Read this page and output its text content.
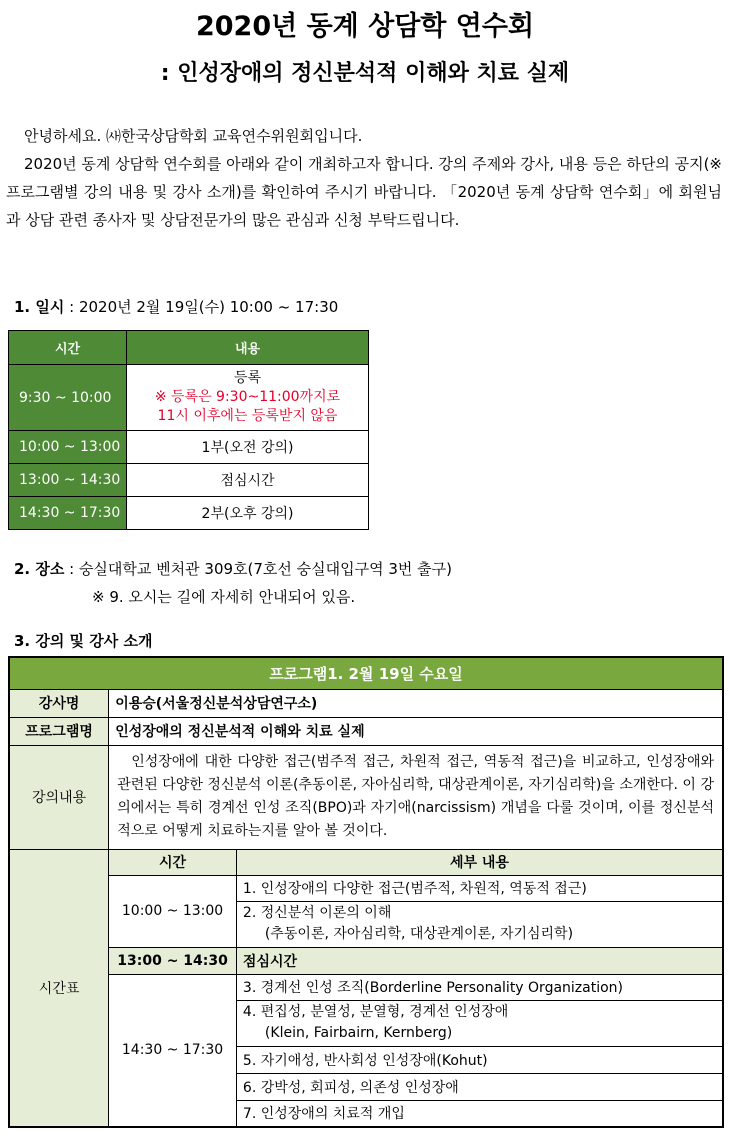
2020년 동계 상담학 연수회
: 인성장애의 정신분석적 이해와 치료 실제

안녕하세요. ㈔한국상담학회 교육연수위원회입니다.

2020년 동계 상담학 연수회를 아래와 같이 개최하고자 합니다. 강의 주제와 강사, 내용 등은 하단의 공지(※ 프로그램별 강의 내용 및 강사 소개)를 확인하여 주시기 바랍니다. 「2020년 동계 상담학 연수회」에 회원님과 상담 관련 종사자 및 상담전문가의 많은 관심과 신청 부탁드립니다.

1. 일시 : 2020년 2월 19일(수) 10:00 ~ 17:30
시간	내용
9:30 ~ 10:00	등록
※ 등록은 9:30~11:00까지로
11시 이후에는 등록받지 않음

10:00 ~ 13:00	1부(오전 강의)
13:00 ~ 14:30	점심시간
14:30 ~ 17:30	2부(오후 강의)
2. 장소 : 숭실대학교 벤처관 309호(7호선 숭실대입구역 3번 출구)
※ 9. 오시는 길에 자세히 안내되어 있음.
3. 강의 및 강사 소개
프로그램1. 2월 19일 수요일		
강사명	이용승(서울정신분석상담연구소)	
프로그램명	인성장애의 정신분석적 이해와 치료 실제	
강의내용	인성장애에 대한 다양한 접근(범주적 접근, 차원적 접근, 역동적 접근)을 비교하고, 인성장애와 관련된 다양한 정신분석 이론(추동이론, 자아심리학, 대상관계이론, 자기심리학)을 소개한다. 이 강의에서는 특히 경계선 인성 조직(BPO)과 자기애(narcissism) 개념을 다룰 것이며, 이를 정신분석적으로 어떻게 치료하는지를 알아 볼 것이다.	
시간표	시간	세부 내용
	10:00 ~ 13:00	1. 인성장애의 다양한 접근(범주적, 차원적, 역동적 접근)

		2. 정신분석 이론의 이해
(추동이론, 자아심리학, 대상관계이론, 자기심리학)

	13:00 ~ 14:30	점심시간
	14:30 ~ 17:30	3. 경계선 인성 조직(Borderline Personality Organization)

		4. 편집성, 분열성, 분열형, 경계선 인성장애
(Klein, Fairbairn, Kernberg)

		5. 자기애성, 반사회성 인성장애(Kohut)
		6. 강박성, 회피성, 의존성 인성장애
		7. 인성장애의 치료적 개입
